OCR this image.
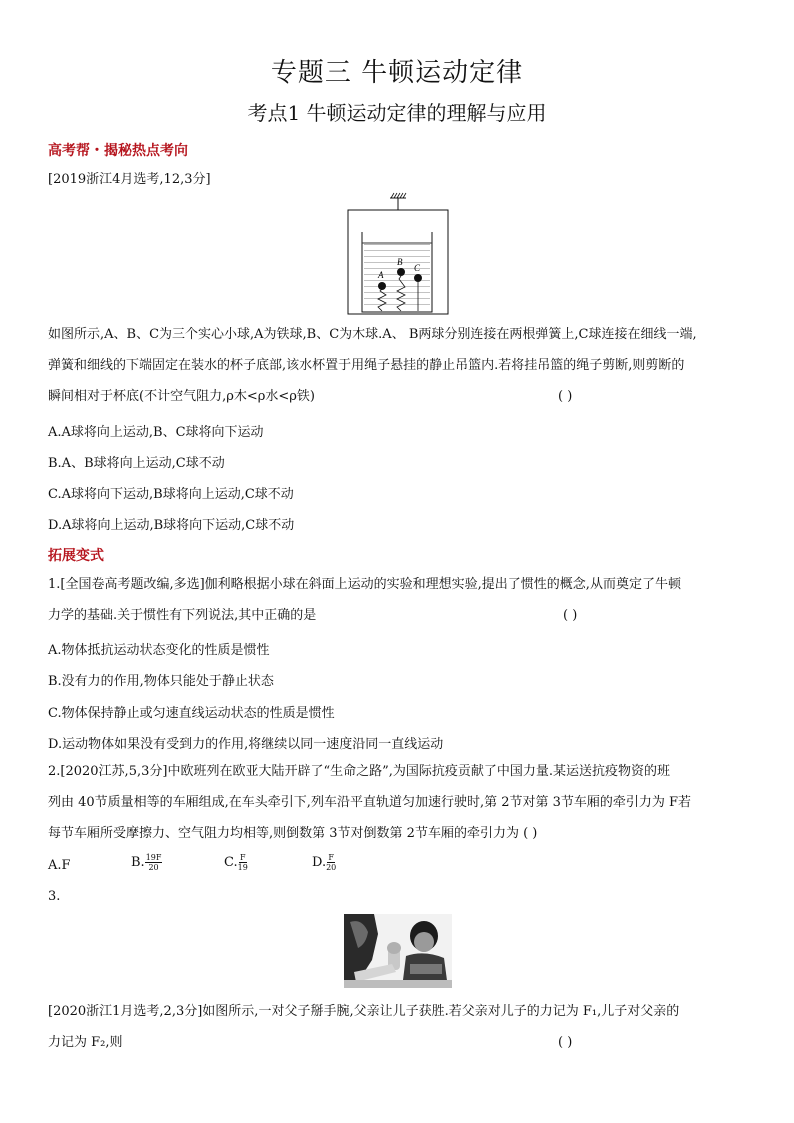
专题三 牛顿运动定律
考点1 牛顿运动定律的理解与应用
高考帮・揭秘热点考向
[2019浙江4月选考,12,3分]
A
B
C
如图所示,A、B、C为三个实心小球,A为铁球,B、C为木球.A、 B两球分别连接在两根弹簧上,C球连接在细线一端,
弹簧和细线的下端固定在装水的杯子底部,该水杯置于用绳子悬挂的静止吊篮内.若将挂吊篮的绳子剪断,则剪断的
瞬间相对于杯底(不计空气阻力,ρ木<ρ水<ρ铁)	( )
A.A球将向上运动,B、C球将向下运动
B.A、B球将向上运动,C球不动
C.A球将向下运动,B球将向上运动,C球不动
D.A球将向上运动,B球将向下运动,C球不动
拓展变式
1.[全国卷高考题改编,多选]伽利略根据小球在斜面上运动的实验和理想实验,提出了惯性的概念,从而奠定了牛顿
力学的基础.关于惯性有下列说法,其中正确的是	( )
A.物体抵抗运动状态变化的性质是惯性
B.没有力的作用,物体只能处于静止状态
C.物体保持静止或匀速直线运动状态的性质是惯性
D.运动物体如果没有受到力的作用,将继续以同一速度沿同一直线运动
2.[2020江苏,5,3分]中欧班列在欧亚大陆开辟了“生命之路”,为国际抗疫贡献了中国力量.某运送抗疫物资的班
列由 40节质量相等的车厢组成,在车头牵引下,列车沿平直轨道匀加速行驶时,第 2节对第 3节车厢的牵引力为 F若
每节车厢所受摩擦力、空气阻力均相等,则倒数第 3节对倒数第 2节车厢的牵引力为 ( )
A.F	B. $\frac{19F}{20}$	C. $\frac{F}{19}$	D. $\frac{F}{20}$
3.
[2020浙江1月选考,2,3分]如图所示,一对父子掰手腕,父亲让儿子获胜.若父亲对儿子的力记为 F₁,儿子对父亲的
力记为 F₂,则	( )
